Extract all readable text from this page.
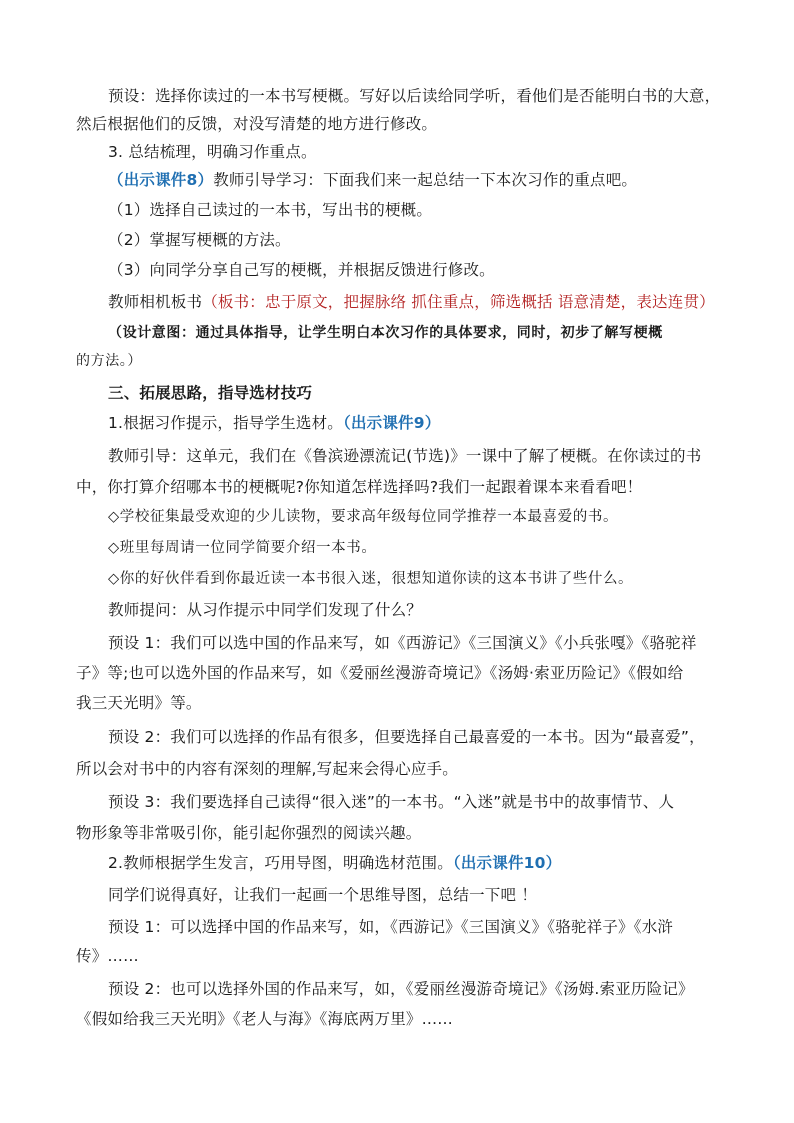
预设：选择你读过的一本书写梗概。写好以后读给同学听，看他们是否能明白书的大意，
然后根据他们的反馈，对没写清楚的地方进行修改。
3. 总结梳理，明确习作重点。
（出示课件8）教师引导学习：下面我们来一起总结一下本次习作的重点吧。
（1）选择自己读过的一本书，写出书的梗概。
（2）掌握写梗概的方法。
（3）向同学分享自己写的梗概，并根据反馈进行修改。
教师相机板书（板书：忠于原文，把握脉络 抓住重点，筛选概括 语意清楚，表达连贯）
（设计意图：通过具体指导，让学生明白本次习作的具体要求，同时，初步了解写梗概
的方法。）
三、拓展思路，指导选材技巧
1.根据习作提示，指导学生选材。（出示课件9）
教师引导：这单元，我们在《鲁滨逊漂流记(节选)》一课中了解了梗概。在你读过的书
中，你打算介绍哪本书的梗概呢?你知道怎样选择吗?我们一起跟着课本来看看吧！
◇学校征集最受欢迎的少儿读物，要求高年级每位同学推荐一本最喜爱的书。
◇班里每周请一位同学简要介绍一本书。
◇你的好伙伴看到你最近读一本书很入迷，很想知道你读的这本书讲了些什么。
教师提问：从习作提示中同学们发现了什么？
预设 1：我们可以选中国的作品来写，如《西游记》《三国演义》《小兵张嘎》《骆驼祥
子》等;也可以选外国的作品来写，如《爱丽丝漫游奇境记》《汤姆·索亚历险记》《假如给
我三天光明》等。
预设 2：我们可以选择的作品有很多，但要选择自己最喜爱的一本书。因为“最喜爱”，
所以会对书中的内容有深刻的理解,写起来会得心应手。
预设 3：我们要选择自己读得“很入迷”的一本书。“入迷”就是书中的故事情节、人
物形象等非常吸引你，能引起你强烈的阅读兴趣。
2.教师根据学生发言，巧用导图，明确选材范围。（出示课件10）
同学们说得真好，让我们一起画一个思维导图，总结一下吧 ！
预设 1：可以选择中国的作品来写，如，《西游记》《三国演义》《骆驼祥子》《水浒
传》……
预设 2：也可以选择外国的作品来写，如，《爱丽丝漫游奇境记》《汤姆.索亚历险记》
《假如给我三天光明》《老人与海》《海底两万里》……
